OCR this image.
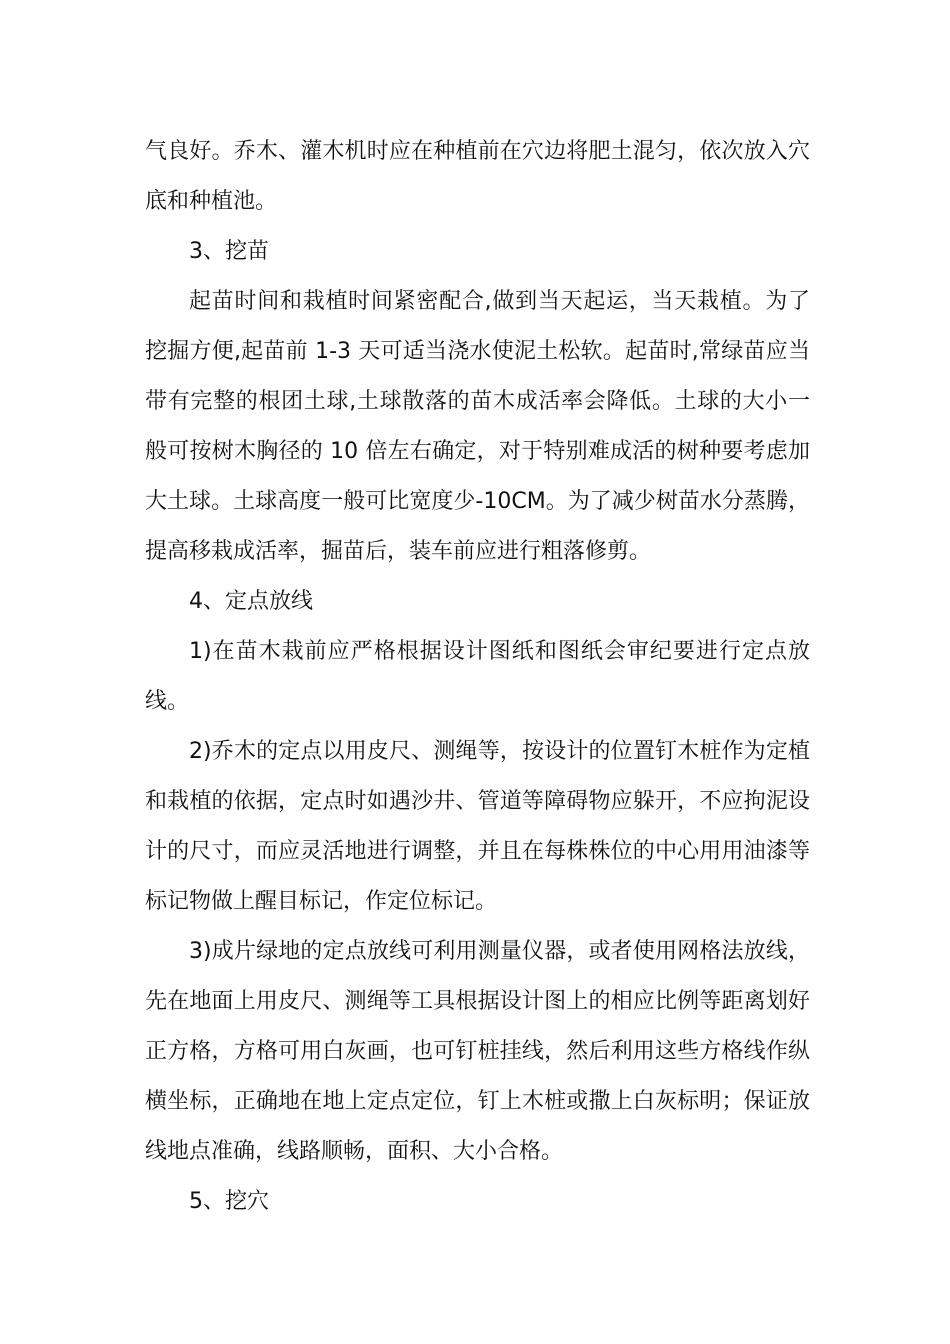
气良好。乔木、灌木机时应在种植前在穴边将肥土混匀，依次放入穴底和种植池。

3、挖苗

起苗时间和栽植时间紧密配合,做到当天起运，当天栽植。为了挖掘方便,起苗前 1-3 天可适当浇水使泥土松软。起苗时,常绿苗应当带有完整的根团土球,土球散落的苗木成活率会降低。土球的大小一般可按树木胸径的 10 倍左右确定，对于特别难成活的树种要考虑加大土球。土球高度一般可比宽度少-10CM。为了减少树苗水分蒸腾，提高移栽成活率，掘苗后，装车前应进行粗落修剪。

4、定点放线

1)在苗木栽前应严格根据设计图纸和图纸会审纪要进行定点放线。

2)乔木的定点以用皮尺、测绳等，按设计的位置钉木桩作为定植和栽植的依据，定点时如遇沙井、管道等障碍物应躲开，不应拘泥设计的尺寸，而应灵活地进行调整，并且在每株株位的中心用用油漆等标记物做上醒目标记，作定位标记。

3)成片绿地的定点放线可利用测量仪器，或者使用网格法放线，先在地面上用皮尺、测绳等工具根据设计图上的相应比例等距离划好正方格，方格可用白灰画，也可钉桩挂线，然后利用这些方格线作纵横坐标，正确地在地上定点定位，钉上木桩或撒上白灰标明；保证放线地点准确，线路顺畅，面积、大小合格。

5、挖穴
